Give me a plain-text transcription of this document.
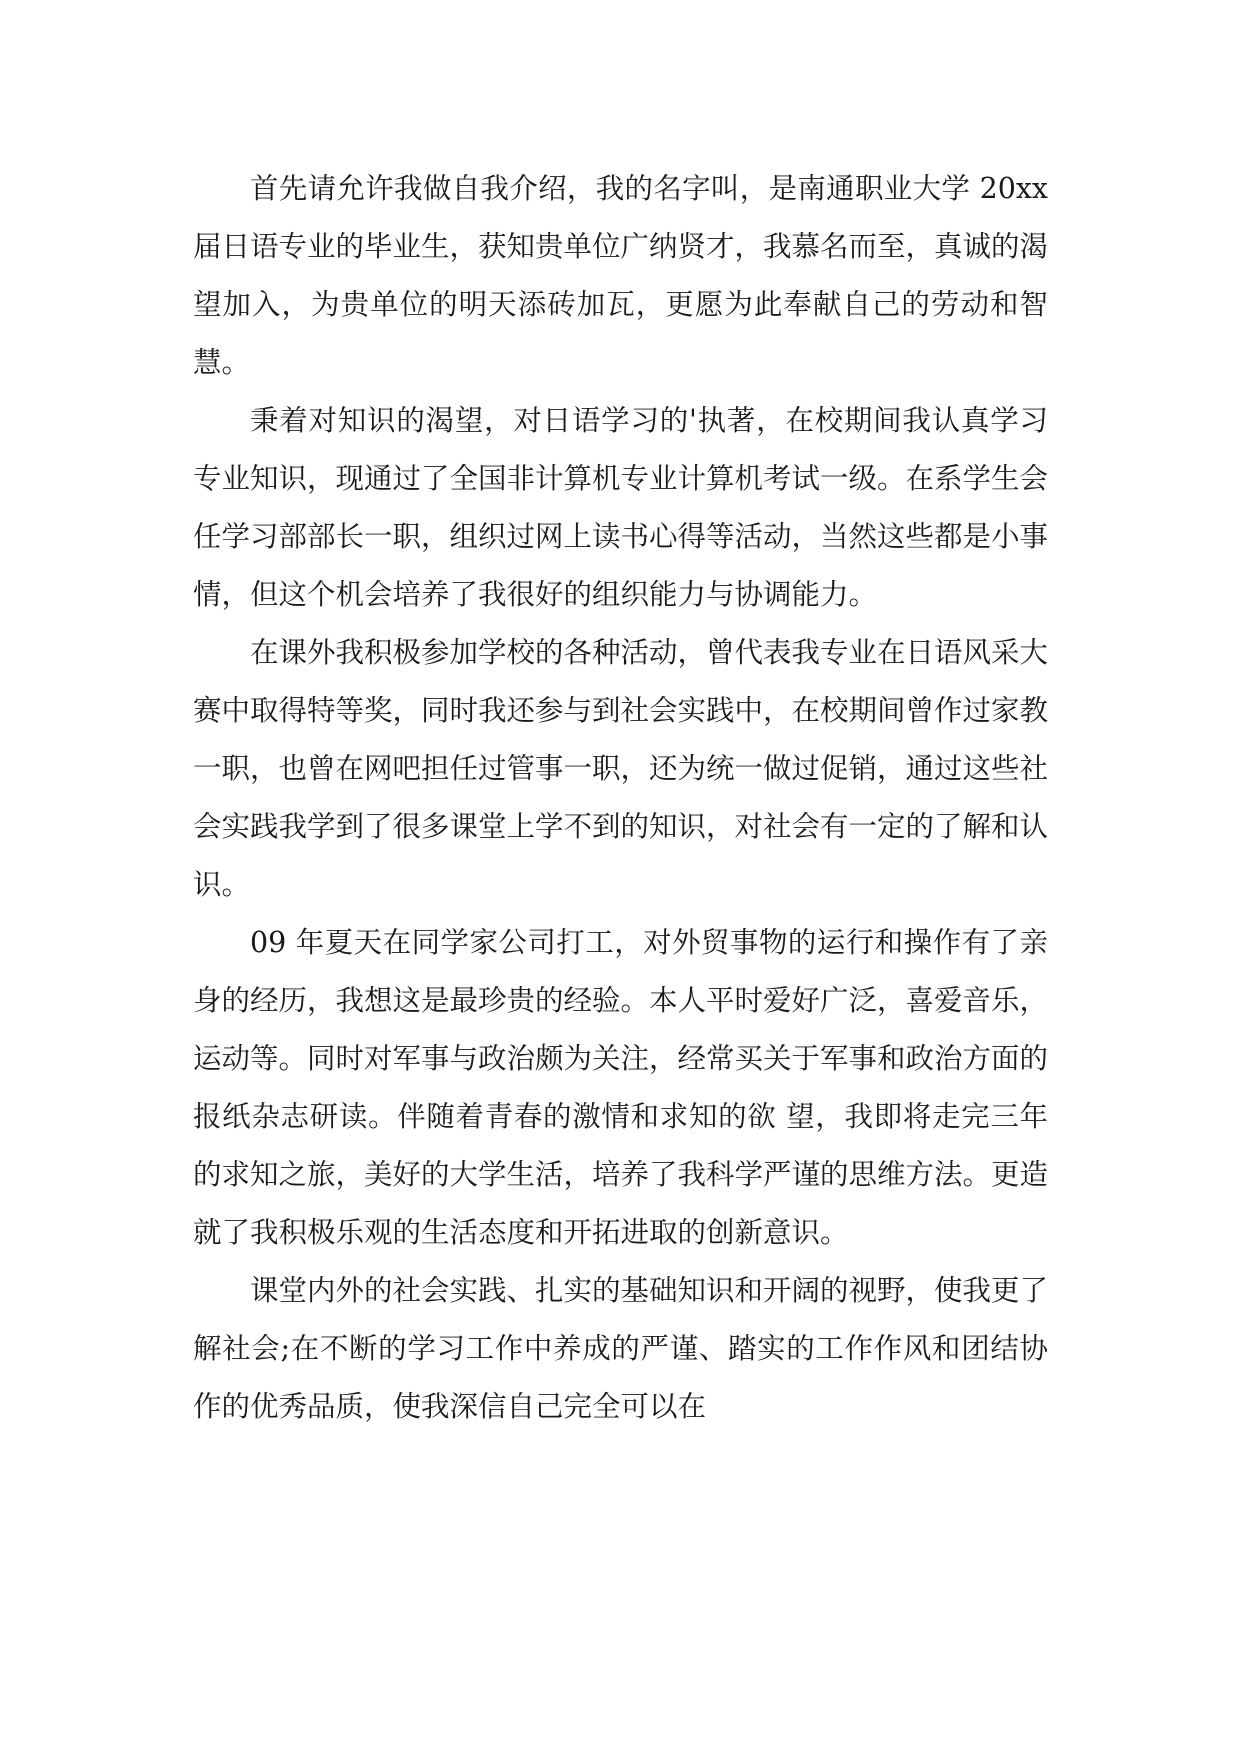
首先请允许我做自我介绍，我的名字叫，是南通职业大学 20xx 届日语专业的毕业生，获知贵单位广纳贤才，我慕名而至，真诚的渴望加入，为贵单位的明天添砖加瓦，更愿为此奉献自己的劳动和智慧。

秉着对知识的渴望，对日语学习的'执著，在校期间我认真学习专业知识，现通过了全国非计算机专业计算机考试一级。在系学生会任学习部部长一职，组织过网上读书心得等活动，当然这些都是小事情，但这个机会培养了我很好的组织能力与协调能力。

在课外我积极参加学校的各种活动，曾代表我专业在日语风采大赛中取得特等奖，同时我还参与到社会实践中，在校期间曾作过家教一职，也曾在网吧担任过管事一职，还为统一做过促销，通过这些社会实践我学到了很多课堂上学不到的知识，对社会有一定的了解和认识。

09 年夏天在同学家公司打工，对外贸事物的运行和操作有了亲身的经历，我想这是最珍贵的经验。本人平时爱好广泛，喜爱音乐，运动等。同时对军事与政治颇为关注，经常买关于军事和政治方面的报纸杂志研读。伴随着青春的激情和求知的欲 望，我即将走完三年的求知之旅，美好的大学生活，培养了我科学严谨的思维方法。更造就了我积极乐观的生活态度和开拓进取的创新意识。

课堂内外的社会实践、扎实的基础知识和开阔的视野，使我更了解社会;在不断的学习工作中养成的严谨、踏实的工作作风和团结协作的优秀品质，使我深信自己完全可以在
